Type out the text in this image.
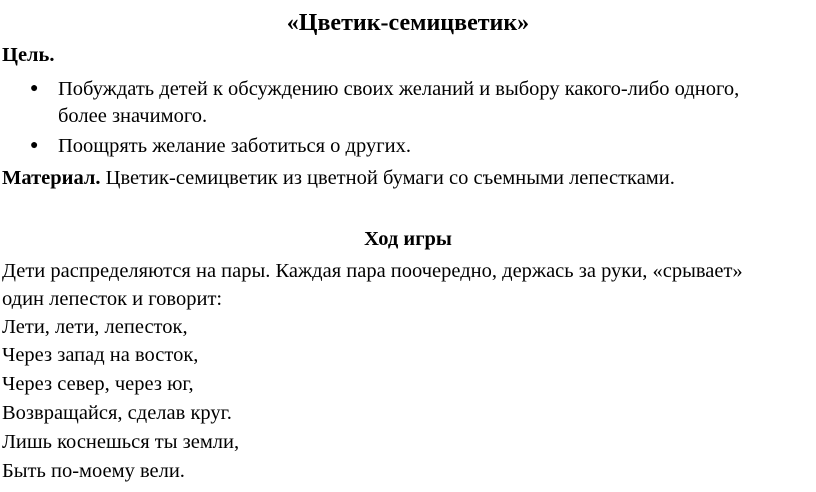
«Цветик-семицветик»
Цель.
● Побуждать детей к обсуждению своих желаний и выбору какого-либо одного,
более значимого.
● Поощрять желание заботиться о других.
Материал. Цветик-семицветик из цветной бумаги со съемными лепестками.
Ход игры
Дети распределяются на пары. Каждая пара поочередно, держась за руки, «срывает»
один лепесток и говорит:
Лети, лети, лепесток,
Через запад на восток,
Через север, через юг,
Возвращайся, сделав круг.
Лишь коснешься ты земли,
Быть по-моему вели.
